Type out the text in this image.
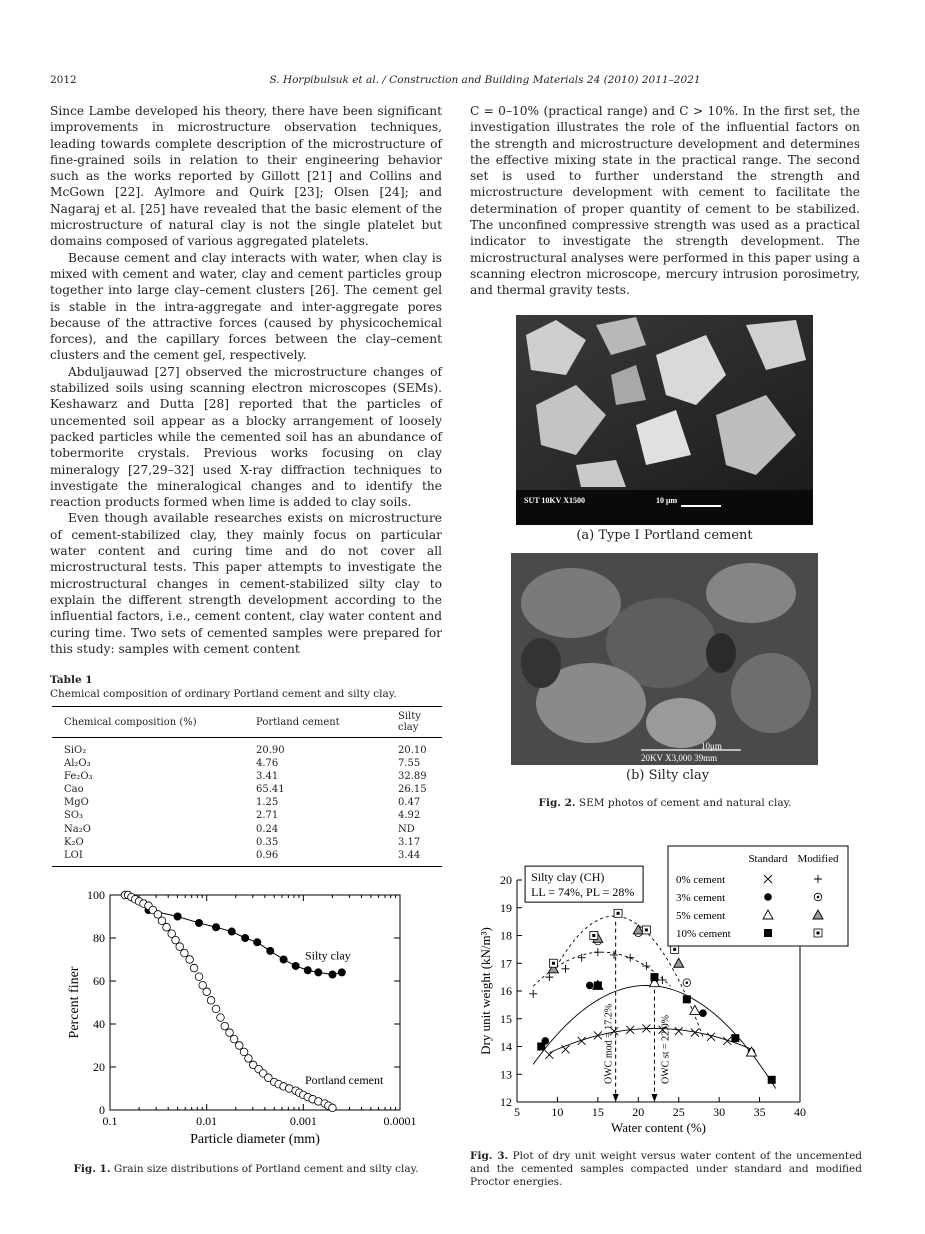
2012	S. Horpibulsuk et al. / Construction and Building Materials 24 (2010) 2011–2021

Since Lambe developed his theory, there have been significant improvements in microstructure observation techniques, leading towards complete description of the microstructure of fine-grained soils in relation to their engineering behavior such as the works reported by Gillott [21] and Collins and McGown [22]. Aylmore and Quirk [23]; Olsen [24]; and Nagaraj et al. [25] have revealed that the basic element of the microstructure of natural clay is not the single platelet but domains composed of various aggregated platelets.

Because cement and clay interacts with water, when clay is mixed with cement and water, clay and cement particles group together into large clay–cement clusters [26]. The cement gel is stable in the intra-aggregate and inter-aggregate pores because of the attractive forces (caused by physicochemical forces), and the capillary forces between the clay–cement clusters and the cement gel, respectively.

Abduljauwad [27] observed the microstructure changes of stabilized soils using scanning electron microscopes (SEMs). Keshawarz and Dutta [28] reported that the particles of uncemented soil appear as a blocky arrangement of loosely packed particles while the cemented soil has an abundance of tobermorite crystals. Previous works focusing on clay mineralogy [27,29–32] used X-ray diffraction techniques to investigate the mineralogical changes and to identify the reaction products formed when lime is added to clay soils.

Even though available researches exists on microstructure of cement-stabilized clay, they mainly focus on particular water content and curing time and do not cover all microstructural tests. This paper attempts to investigate the microstructural changes in cement-stabilized silty clay to explain the different strength development according to the influential factors, i.e., cement content, clay water content and curing time. Two sets of cemented samples were prepared for this study: samples with cement content

C = 0–10% (practical range) and C > 10%. In the first set, the investigation illustrates the role of the influential factors on the strength and microstructure development and determines the effective mixing state in the practical range. The second set is used to further understand the strength and microstructure development with cement to facilitate the determination of proper quantity of cement to be stabilized. The unconfined compressive strength was used as a practical indicator to investigate the strength development. The microstructural analyses were performed in this paper using a scanning electron microscope, mercury intrusion porosimetry, and thermal gravity tests.

Table 1
Chemical composition of ordinary Portland cement and silty clay.
Chemical composition (%)	Portland cement	Silty clay
SiO₂	20.90	20.10
Al₂O₃	4.76	7.55
Fe₂O₃	3.41	32.89
Cao	65.41	26.15
MgO	1.25	0.47
SO₃	2.71	4.92
Na₂O	0.24	ND
K₂O	0.35	3.17
LOI	0.96	3.44
SUT 10KV X1500	10 μm
(a) Type I Portland cement
10μm
20KV X3,000 39mm
(b) Silty clay
Fig. 2. SEM photos of cement and natural clay.
0.1	0.01	0.001	0.0001
0
20
40
60
80
100
Particle diameter (mm)
Percent finer
Silty clay
Portland cement
Fig. 1. Grain size distributions of Portland cement and silty clay.
5	10 15 20 25 30 35 40
12
13
14
15
16
17
18
19
20
Water content (%)
Dry unit weight (kN/m³)	OWC mod = 17.2%	OWC st = 22.0%
Silty clay (CH)
LL = 74%, PL = 28%
Standard Modified
0% cement
3% cement
5% cement
10% cement
Fig. 3. Plot of dry unit weight versus water content of the uncemented and the cemented samples compacted under standard and modified Proctor energies.
